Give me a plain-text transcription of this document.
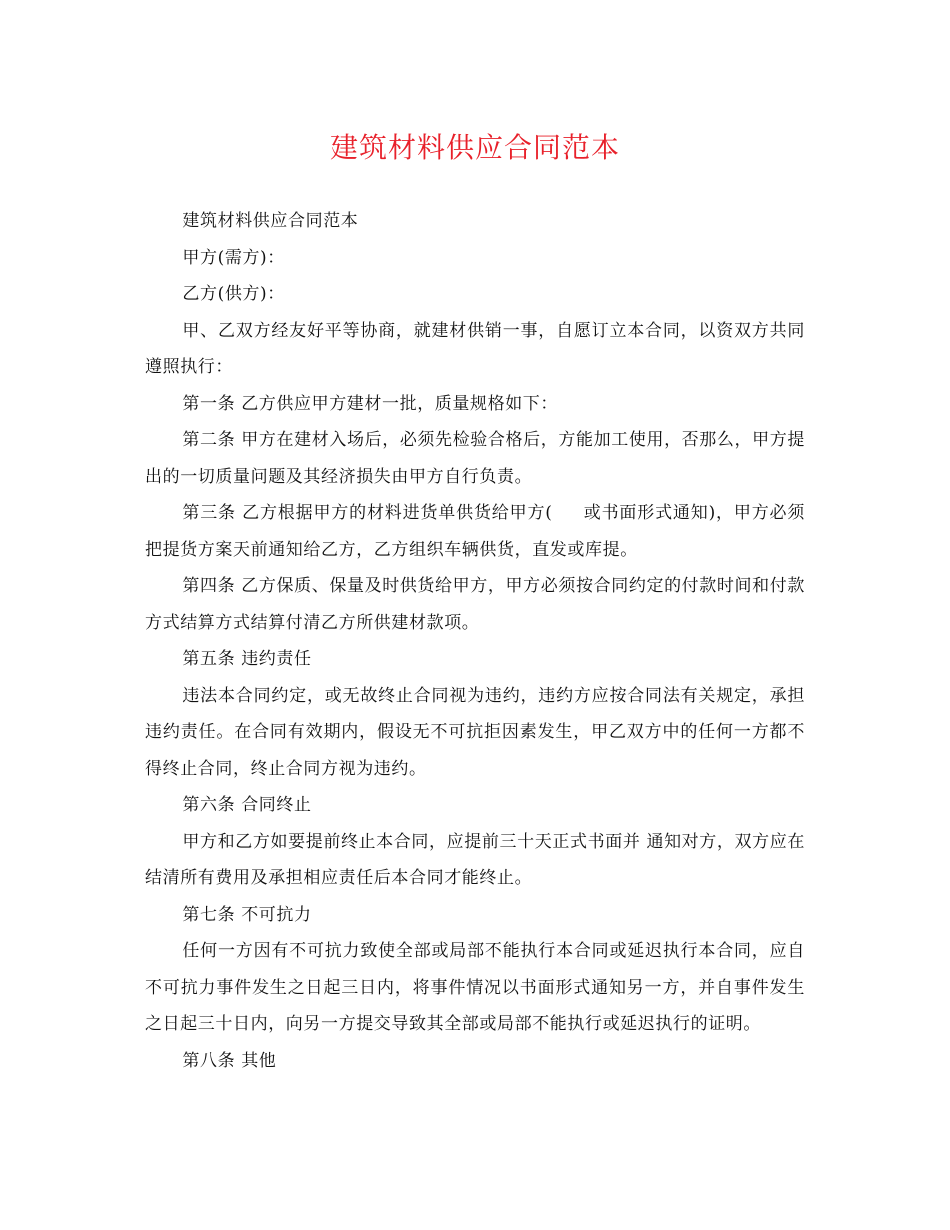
建筑材料供应合同范本

建筑材料供应合同范本

甲方(需方)：

乙方(供方)：

甲、乙双方经友好平等协商，就建材供销一事，自愿订立本合同，以资双方共同遵照执行：

第一条 乙方供应甲方建材一批，质量规格如下：

第二条 甲方在建材入场后，必须先检验合格后，方能加工使用，否那么，甲方提出的一切质量问题及其经济损失由甲方自行负责。

第三条 乙方根据甲方的材料进货单供货给甲方( 或书面形式通知)，甲方必须把提货方案天前通知给乙方，乙方组织车辆供货，直发或库提。

第四条 乙方保质、保量及时供货给甲方，甲方必须按合同约定的付款时间和付款方式结算方式结算付清乙方所供建材款项。

第五条 违约责任

违法本合同约定，或无故终止合同视为违约，违约方应按合同法有关规定，承担违约责任。在合同有效期内，假设无不可抗拒因素发生，甲乙双方中的任何一方都不得终止合同，终止合同方视为违约。

第六条 合同终止

甲方和乙方如要提前终止本合同，应提前三十天正式书面并 通知对方，双方应在结清所有费用及承担相应责任后本合同才能终止。

第七条 不可抗力

任何一方因有不可抗力致使全部或局部不能执行本合同或延迟执行本合同，应自不可抗力事件发生之日起三日内，将事件情况以书面形式通知另一方，并自事件发生之日起三十日内，向另一方提交导致其全部或局部不能执行或延迟执行的证明。

第八条 其他
